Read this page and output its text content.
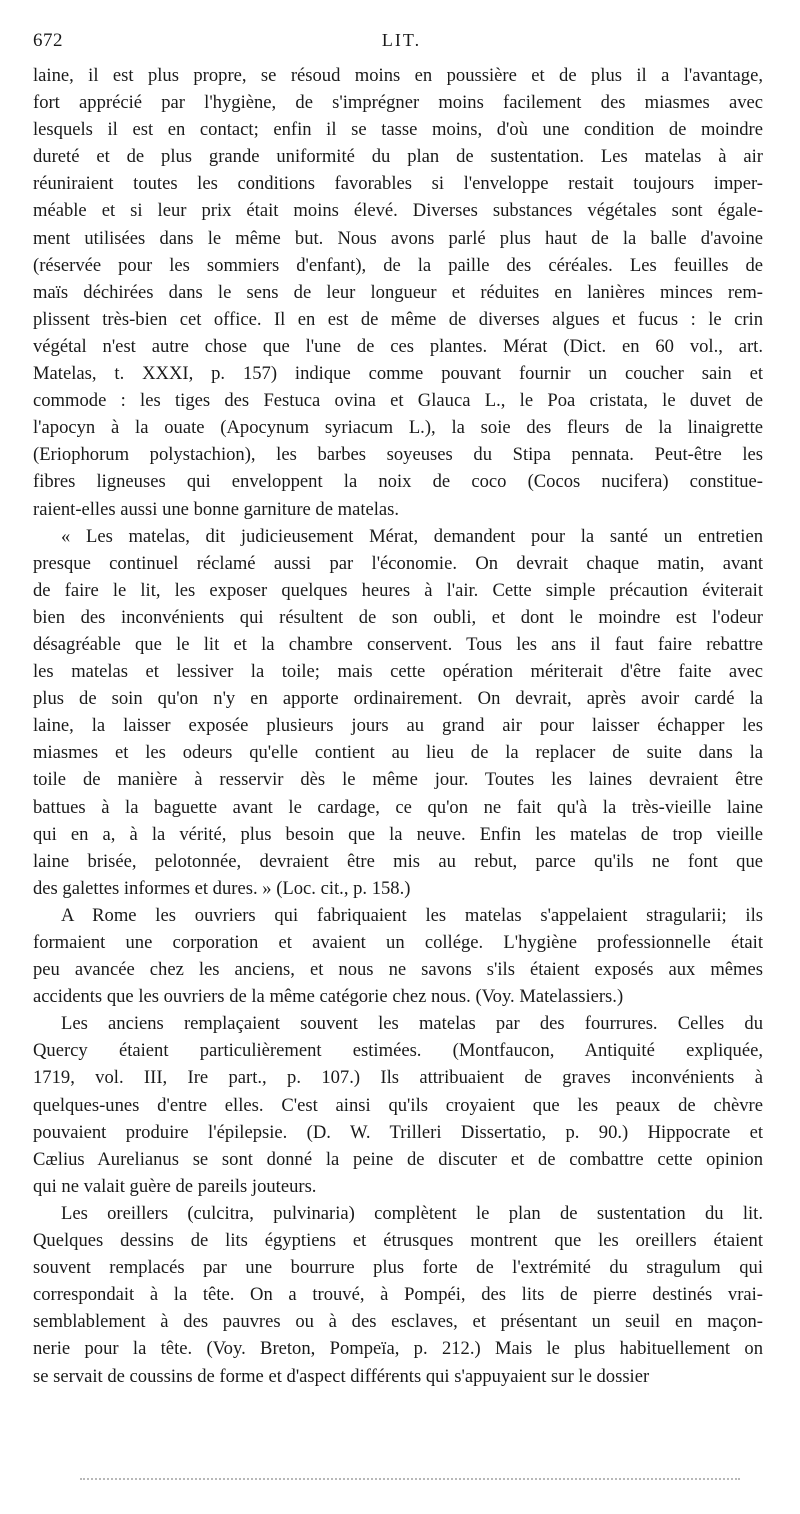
672	LIT.

laine, il est plus propre, se résoud moins en poussière et de plus il a l'avantage,
fort apprécié par l'hygiène, de s'imprégner moins facilement des miasmes avec
lesquels il est en contact; enfin il se tasse moins, d'où une condition de moindre
dureté et de plus grande uniformité du plan de sustentation. Les matelas à air
réuniraient toutes les conditions favorables si l'enveloppe restait toujours imper-
méable et si leur prix était moins élevé. Diverses substances végétales sont égale-
ment utilisées dans le même but. Nous avons parlé plus haut de la balle d'avoine
(réservée pour les sommiers d'enfant), de la paille des céréales. Les feuilles de
maïs déchirées dans le sens de leur longueur et réduites en lanières minces rem-
plissent très-bien cet office. Il en est de même de diverses algues et fucus : le crin
végétal n'est autre chose que l'une de ces plantes. Mérat (Dict. en 60 vol., art.
Matelas, t. XXXI, p. 157) indique comme pouvant fournir un coucher sain et
commode : les tiges des Festuca ovina et Glauca L., le Poa cristata, le duvet de
l'apocyn à la ouate (Apocynum syriacum L.), la soie des fleurs de la linaigrette
(Eriophorum polystachion), les barbes soyeuses du Stipa pennata. Peut-être les
fibres ligneuses qui enveloppent la noix de coco (Cocos nucifera) constitue-
raient-elles aussi une bonne garniture de matelas.

« Les matelas, dit judicieusement Mérat, demandent pour la santé un entretien
presque continuel réclamé aussi par l'économie. On devrait chaque matin, avant
de faire le lit, les exposer quelques heures à l'air. Cette simple précaution éviterait
bien des inconvénients qui résultent de son oubli, et dont le moindre est l'odeur
désagréable que le lit et la chambre conservent. Tous les ans il faut faire rebattre
les matelas et lessiver la toile; mais cette opération mériterait d'être faite avec
plus de soin qu'on n'y en apporte ordinairement. On devrait, après avoir cardé la
laine, la laisser exposée plusieurs jours au grand air pour laisser échapper les
miasmes et les odeurs qu'elle contient au lieu de la replacer de suite dans la
toile de manière à resservir dès le même jour. Toutes les laines devraient être
battues à la baguette avant le cardage, ce qu'on ne fait qu'à la très-vieille laine
qui en a, à la vérité, plus besoin que la neuve. Enfin les matelas de trop vieille
laine brisée, pelotonnée, devraient être mis au rebut, parce qu'ils ne font que
des galettes informes et dures. » (Loc. cit., p. 158.)

A Rome les ouvriers qui fabriquaient les matelas s'appelaient stragularii; ils
formaient une corporation et avaient un collége. L'hygiène professionnelle était
peu avancée chez les anciens, et nous ne savons s'ils étaient exposés aux mêmes
accidents que les ouvriers de la même catégorie chez nous. (Voy. Matelassiers.)

Les anciens remplaçaient souvent les matelas par des fourrures. Celles du
Quercy étaient particulièrement estimées. (Montfaucon, Antiquité expliquée,
1719, vol. III, Ire part., p. 107.) Ils attribuaient de graves inconvénients à
quelques-unes d'entre elles. C'est ainsi qu'ils croyaient que les peaux de chèvre
pouvaient produire l'épilepsie. (D. W. Trilleri Dissertatio, p. 90.) Hippocrate et
Cælius Aurelianus se sont donné la peine de discuter et de combattre cette opinion
qui ne valait guère de pareils jouteurs.

Les oreillers (culcitra, pulvinaria) complètent le plan de sustentation du lit.
Quelques dessins de lits égyptiens et étrusques montrent que les oreillers étaient
souvent remplacés par une bourrure plus forte de l'extrémité du stragulum qui
correspondait à la tête. On a trouvé, à Pompéi, des lits de pierre destinés vrai-
semblablement à des pauvres ou à des esclaves, et présentant un seuil en maçon-
nerie pour la tête. (Voy. Breton, Pompeïa, p. 212.) Mais le plus habituellement on
se servait de coussins de forme et d'aspect différents qui s'appuyaient sur le dossier
